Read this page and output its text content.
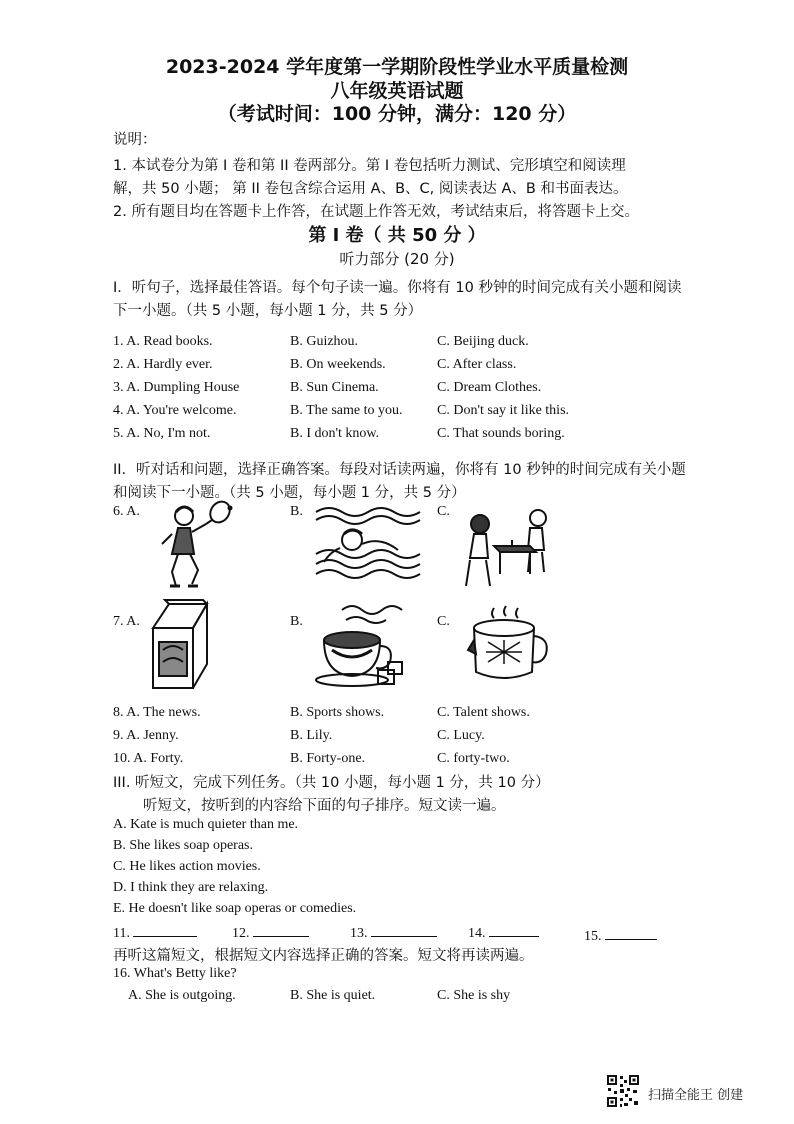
2023-2024 学年度第一学期阶段性学业水平质量检测
八年级英语试题
（考试时间：100 分钟，满分：120 分）
说明：
1. 本试卷分为第 I 卷和第 II 卷两部分。第 I 卷包括听力测试、完形填空和阅读理
解，共 50 小题； 第 II 卷包含综合运用 A、B、C, 阅读表达 A、B 和书面表达。
2. 所有题目均在答题卡上作答，在试题上作答无效，考试结束后，将答题卡上交。
第 I 卷（ 共 50 分 ）
听力部分 (20 分)
I．听句子，选择最佳答语。每个句子读一遍。你将有 10 秒钟的时间完成有关小题和阅读
下一小题。（共 5 小题，每小题 1 分，共 5 分）
1. A. Read books.	B. Guizhou.	C. Beijing duck.
2. A. Hardly ever.	B. On weekends.	C. After class.
3. A. Dumpling House	B. Sun Cinema.	C. Dream Clothes.
4. A. You're welcome.	B. The same to you. C. Don't say it like this.
5. A. No, I'm not.	B. I don't know.	C. That sounds boring.
II．听对话和问题，选择正确答案。每段对话读两遍，你将有 10 秒钟的时间完成有关小题
和阅读下一小题。（共 5 小题，每小题 1 分，共 5 分）
6. A.	B.	C.
7. A.	B.	C.
8. A. The news.	B. Sports shows.	C. Talent shows.
9. A. Jenny.	B. Lily.	C. Lucy.
10. A. Forty.	B. Forty-one.	C. forty-two.
III. 听短文，完成下列任务。（共 10 小题，每小题 1 分，共 10 分）
听短文，按听到的内容给下面的句子排序。短文读一遍。
A. Kate is much quieter than me.
B. She likes soap operas.
C. He likes action movies.
D. I think they are relaxing.
E. He doesn't like soap operas or comedies.
11.	12.	13.	14.	15.
再听这篇短文，根据短文内容选择正确的答案。短文将再读两遍。
16. What's Betty like?
A. She is outgoing.	B. She is quiet.	C. She is shy
扫描全能王 创建
